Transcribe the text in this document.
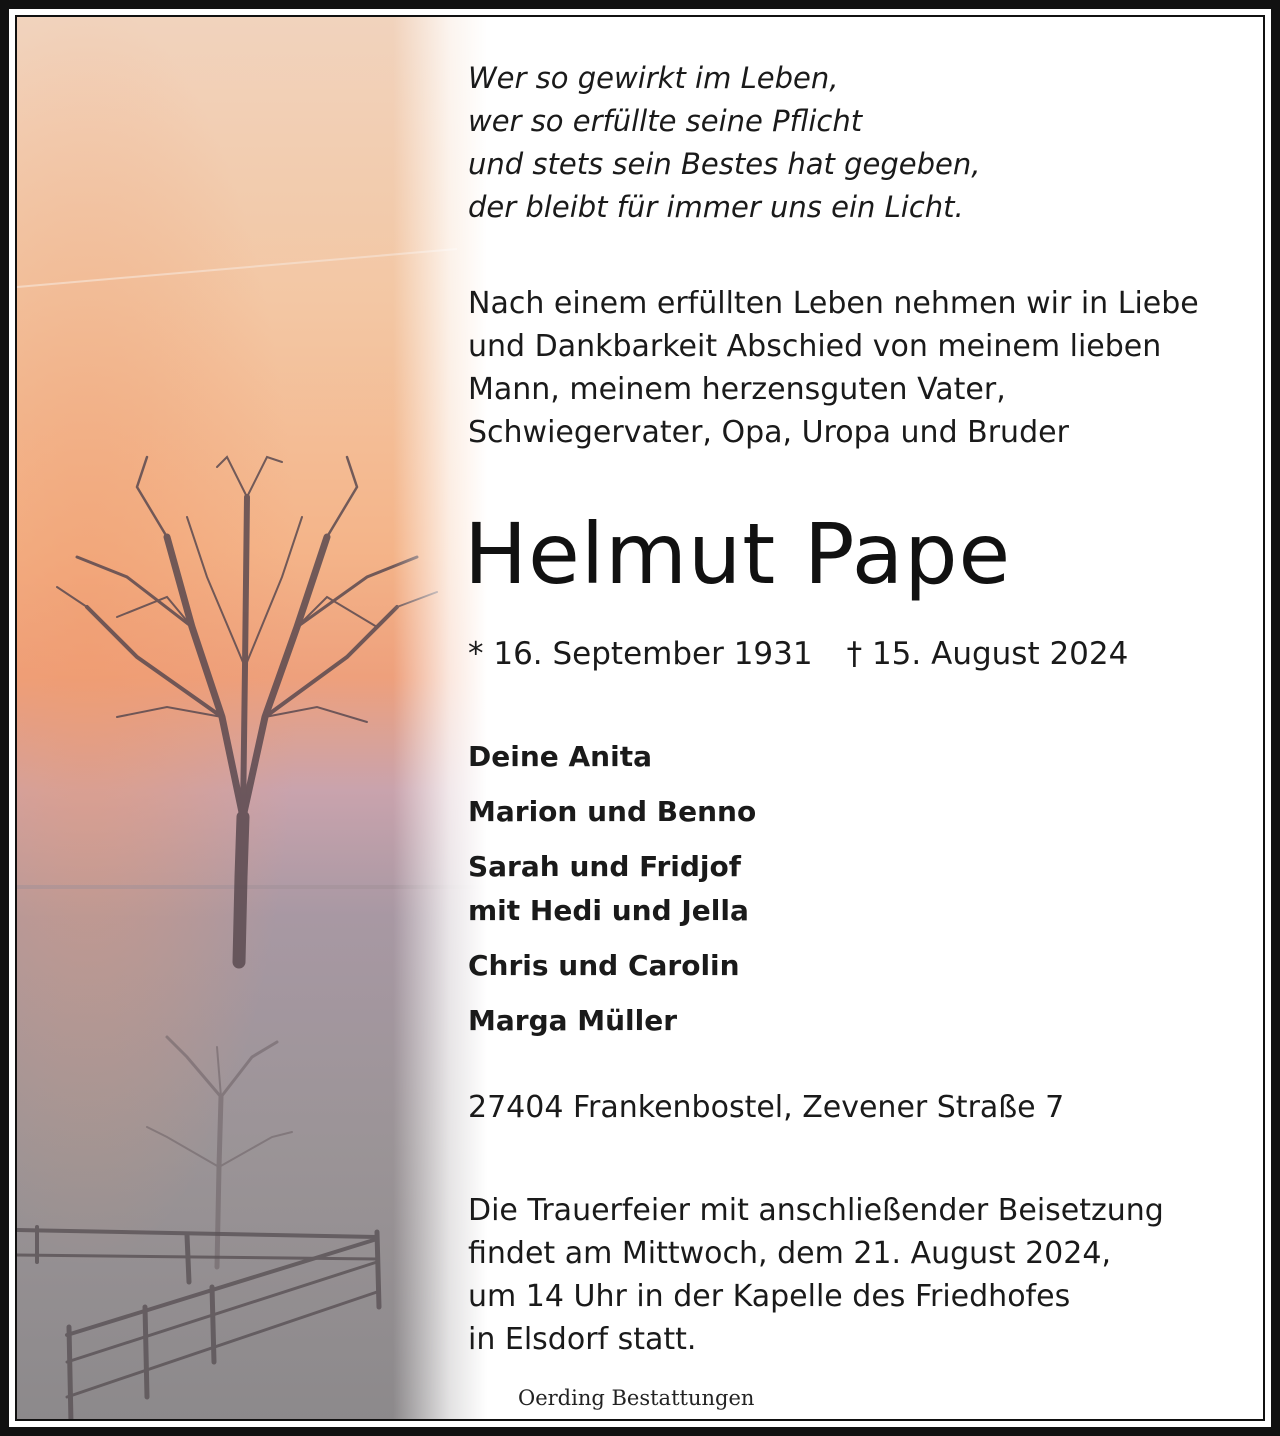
Wer so gewirkt im Leben,
wer so erfüllte seine Pflicht
und stets sein Bestes hat gegeben,
der bleibt für immer uns ein Licht.
Nach einem erfüllten Leben nehmen wir in Liebe
und Dankbarkeit Abschied von meinem lieben
Mann, meinem herzensguten Vater,
Schwiegervater, Opa, Uropa und Bruder
Helmut Pape
* 16. September 1931 † 15. August 2024
Deine Anita
Marion und Benno
Sarah und Fridjof
mit Hedi und Jella
Chris und Carolin
Marga Müller
27404 Frankenbostel, Zevener Straße 7
Die Trauerfeier mit anschließender Beisetzung
findet am Mittwoch, dem 21. August 2024,
um 14 Uhr in der Kapelle des Friedhofes
in Elsdorf statt.
Oerding Bestattungen
